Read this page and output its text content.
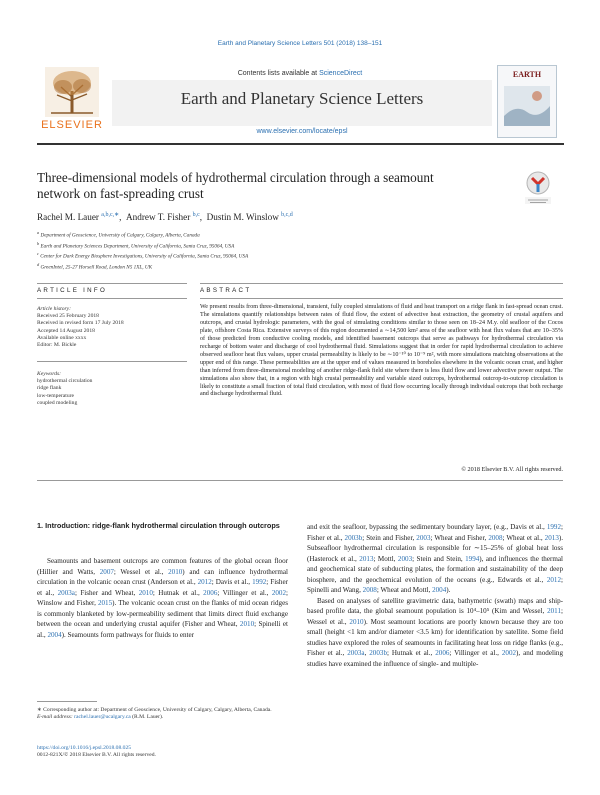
Earth and Planetary Science Letters 501 (2018) 138–151
ELSEVIER
Contents lists available at ScienceDirect
Earth and Planetary Science Letters
www.elsevier.com/locate/epsl
EARTH
Three-dimensional models of hydrothermal circulation through a seamount network on fast-spreading crust
Rachel M. Lauer $^{a,b,c,∗}$,  Andrew T. Fisher $^{b,c}$,  Dustin M. Winslow $^{b,c,d}$
$^a$ Department of Geoscience, University of Calgary, Calgary, Alberta, Canada
$^b$ Earth and Planetary Sciences Department, University of California, Santa Cruz, 95064, USA
$^c$ Center for Dark Energy Biosphere Investigations, University of California, Santa Cruz, 95064, USA
$^d$ GreenIntel, 25-27 Horsell Road, London N5 1XL, UK
ARTICLE INFO	ABSTRACT
Article history:
Received 25 February 2018
Received in revised form 17 July 2018
Accepted 14 August 2018
Available online xxxx
Editor: M. Bickle
Keywords:
hydrothermal circulation
ridge flank
low-temperature
coupled modeling
We present results from three-dimensional, transient, fully coupled simulations of fluid and heat transport on a ridge flank in fast-spread ocean crust. The simulations quantify relationships between rates of fluid flow, the extent of advective heat extraction, the geometry of crustal aquifers and outcrops, and crustal hydrologic parameters, with the goal of simulating conditions similar to those seen on 18–24 M.y. old seafloor of the Cocos plate, offshore Costa Rica. Extensive surveys of this region documented a ∼14,500 km² area of the seafloor with heat flux values that are 10–35% of those predicted from conductive cooling models, and identified basement outcrops that serve as pathways for hydrothermal circulation via recharge of bottom water and discharge of cool hydrothermal fluid. Simulations suggest that in order for rapid hydrothermal circulation to achieve observed seafloor heat flux values, upper crustal permeability is likely to be ∼10⁻¹⁰ to 10⁻⁹ m², with more simulations matching observations at the upper end of this range. These permeabilities are at the upper end of values measured in boreholes elsewhere in the volcanic ocean crust, and higher than inferred from three-dimensional modeling of another ridge-flank field site where there is less fluid flow and lower advective power output. The simulations also show that, in a region with high crustal permeability and variable sized outcrops, hydrothermal outcrop-to-outcrop circulation is likely to constitute a small fraction of total fluid circulation, with most of fluid flow occurring locally through individual outcrops that both recharge and discharge hydrothermal fluid.
© 2018 Elsevier B.V. All rights reserved.
1. Introduction: ridge-flank hydrothermal circulation through outcrops
Seamounts and basement outcrops are common features of the global ocean floor (Hillier and Watts, 2007; Wessel et al., 2010) and can influence hydrothermal circulation in the volcanic ocean crust (Anderson et al., 2012; Davis et al., 1992; Fisher et al., 2003a; Fisher and Wheat, 2010; Hutnak et al., 2006; Villinger et al., 2002; Winslow and Fisher, 2015). The volcanic ocean crust on the flanks of mid ocean ridges is commonly blanketed by low-permeability sediment that limits direct fluid exchange between the ocean and underlying crustal aquifer (Fisher and Wheat, 2010; Spinelli et al., 2004). Seamounts form pathways for fluids to enter

and exit the seafloor, bypassing the sedimentary boundary layer, (e.g., Davis et al., 1992; Fisher et al., 2003b; Stein and Fisher, 2003; Wheat and Fisher, 2008; Wheat et al., 2013). Subseafloor hydrothermal circulation is responsible for ∼15–25% of global heat loss (Hasterock et al., 2013; Mottl, 2003; Stein and Stein, 1994), and influences the thermal and geochemical state of subducting plates, the formation and sustainability of the deep biosphere, and the geochemical evolution of the oceans (e.g., Edwards et al., 2012; Spinelli and Wang, 2008; Wheat and Mottl, 2004).

Based on analyses of satellite gravimetric data, bathymetric (swath) maps and ship-based profile data, the global seamount population is 10⁴–10⁵ (Kim and Wessel, 2011; Wessel et al., 2010). Most seamount locations are poorly known because they are too small (height <1 km and/or diameter <3.5 km) for identification by satellite. Some field studies have explored the roles of seamounts in facilitating heat loss on ridge flanks (e.g., Fisher et al., 2003a, 2003b; Hutnak et al., 2006; Villinger et al., 2002), and modeling studies have examined the influence of single- and multiple-

∗ Corresponding author at: Department of Geoscience, University of Calgary, Calgary, Alberta, Canada.
E-mail address: rachel.lauer@ucalgary.ca (R.M. Lauer).
https://doi.org/10.1016/j.epsl.2018.08.025
0012-821X/© 2018 Elsevier B.V. All rights reserved.
